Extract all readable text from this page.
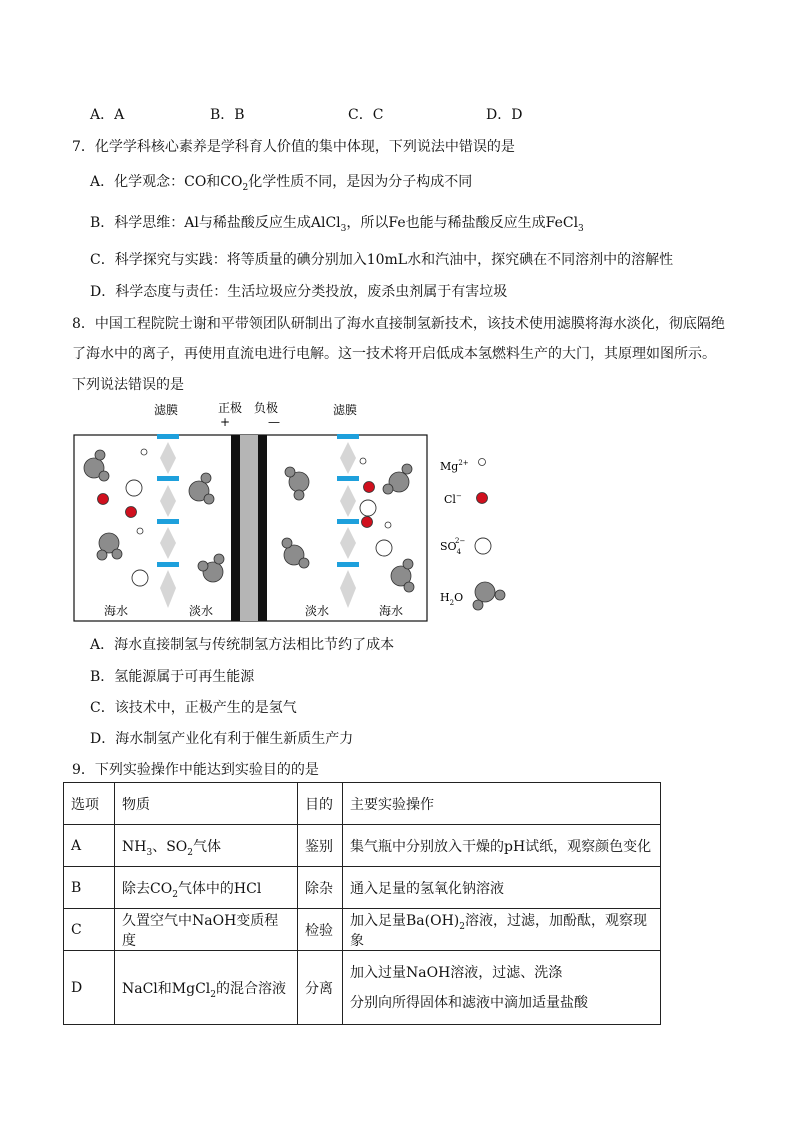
A．A	B．B	C．C	D．D
7．化学学科核心素养是学科育人价值的集中体现，下列说法中错误的是
A．化学观念：CO和$CO_2$化学性质不同，是因为分子构成不同
B．科学思维：Al与稀盐酸反应生成AlCl$_3$，所以Fe也能与稀盐酸反应生成FeCl$_3$
C．科学探究与实践：将等质量的碘分别加入10mL水和汽油中，探究碘在不同溶剂中的溶解性
D．科学态度与责任：生活垃圾应分类投放，废杀虫剂属于有害垃圾
8．中国工程院院士谢和平带领团队研制出了海水直接制氢新技术，该技术使用滤膜将海水淡化，彻底隔绝
了海水中的离子，再使用直流电进行电解。这一技术将开启低成本氢燃料生产的大门，其原理如图所示。
下列说法错误的是
滤膜	正极
+
负极
—
滤膜
海水	淡水	淡水	海水
$Mg^{2+}$
Cl−
$SO_42-$
$H_2O$
A．海水直接制氢与传统制氢方法相比节约了成本
B．氢能源属于可再生能源
C．该技术中，正极产生的是氢气
D．海水制氢产业化有利于催生新质生产力
9．下列实验操作中能达到实验目的的是
选项	物质	目的	主要实验操作
A	$NH_3$、$SO_2$气体	鉴别	集气瓶中分别放入干燥的pH试纸，观察颜色变化
B	除去$CO_2$气体中的HCl	除杂	通入足量的氢氧化钠溶液
C	久置空气中NaOH变质程度	检验	加入足量$Ba(OH)_2$溶液，过滤，加酚酞，观察现象
D	NaCl和MgCl$_2$的混合溶液	分离	加入过量NaOH溶液，过滤、洗涤
分别向所得固体和滤液中滴加适量盐酸
